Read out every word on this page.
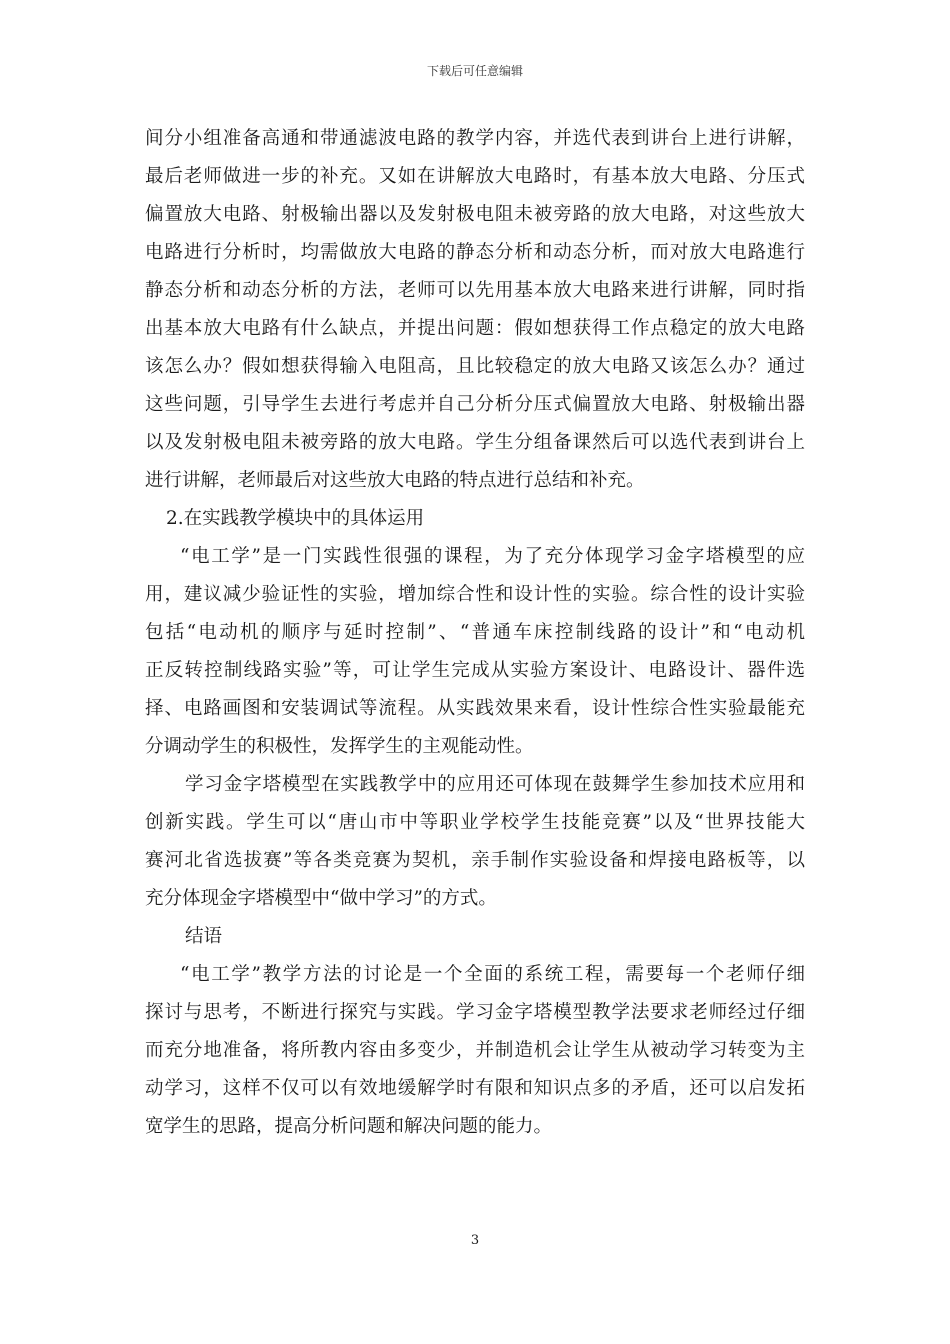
下载后可任意编辑
间分小组准备高通和带通滤波电路的教学内容，并选代表到讲台上进行讲解，
最后老师做进一步的补充。又如在讲解放大电路时，有基本放大电路、分压式
偏置放大电路、射极输出器以及发射极电阻未被旁路的放大电路，对这些放大
电路进行分析时，均需做放大电路的静态分析和动态分析，而对放大电路進行
静态分析和动态分析的方法，老师可以先用基本放大电路来进行讲解，同时指
出基本放大电路有什么缺点，并提出问题：假如想获得工作点稳定的放大电路
该怎么办？假如想获得输入电阻高，且比较稳定的放大电路又该怎么办？通过
这些问题，引导学生去进行考虑并自己分析分压式偏置放大电路、射极输出器
以及发射极电阻未被旁路的放大电路。学生分组备课然后可以选代表到讲台上
进行讲解，老师最后对这些放大电路的特点进行总结和补充。
2.在实践教学模块中的具体运用
“电工学”是一门实践性很强的课程，为了充分体现学习金字塔模型的应
用，建议减少验证性的实验，增加综合性和设计性的实验。综合性的设计实验
包括“电动机的顺序与延时控制”、“普通车床控制线路的设计”和“电动机
正反转控制线路实验”等，可让学生完成从实验方案设计、电路设计、器件选
择、电路画图和安装调试等流程。从实践效果来看，设计性综合性实验最能充
分调动学生的积极性，发挥学生的主观能动性。
学习金字塔模型在实践教学中的应用还可体现在鼓舞学生参加技术应用和
创新实践。学生可以“唐山市中等职业学校学生技能竞赛”以及“世界技能大
赛河北省选拔赛”等各类竞赛为契机，亲手制作实验设备和焊接电路板等，以
充分体现金字塔模型中“做中学习”的方式。
结语
“电工学”教学方法的讨论是一个全面的系统工程，需要每一个老师仔细
探讨与思考，不断进行探究与实践。学习金字塔模型教学法要求老师经过仔细
而充分地准备，将所教内容由多变少，并制造机会让学生从被动学习转变为主
动学习，这样不仅可以有效地缓解学时有限和知识点多的矛盾，还可以启发拓
宽学生的思路，提高分析问题和解决问题的能力。
3
